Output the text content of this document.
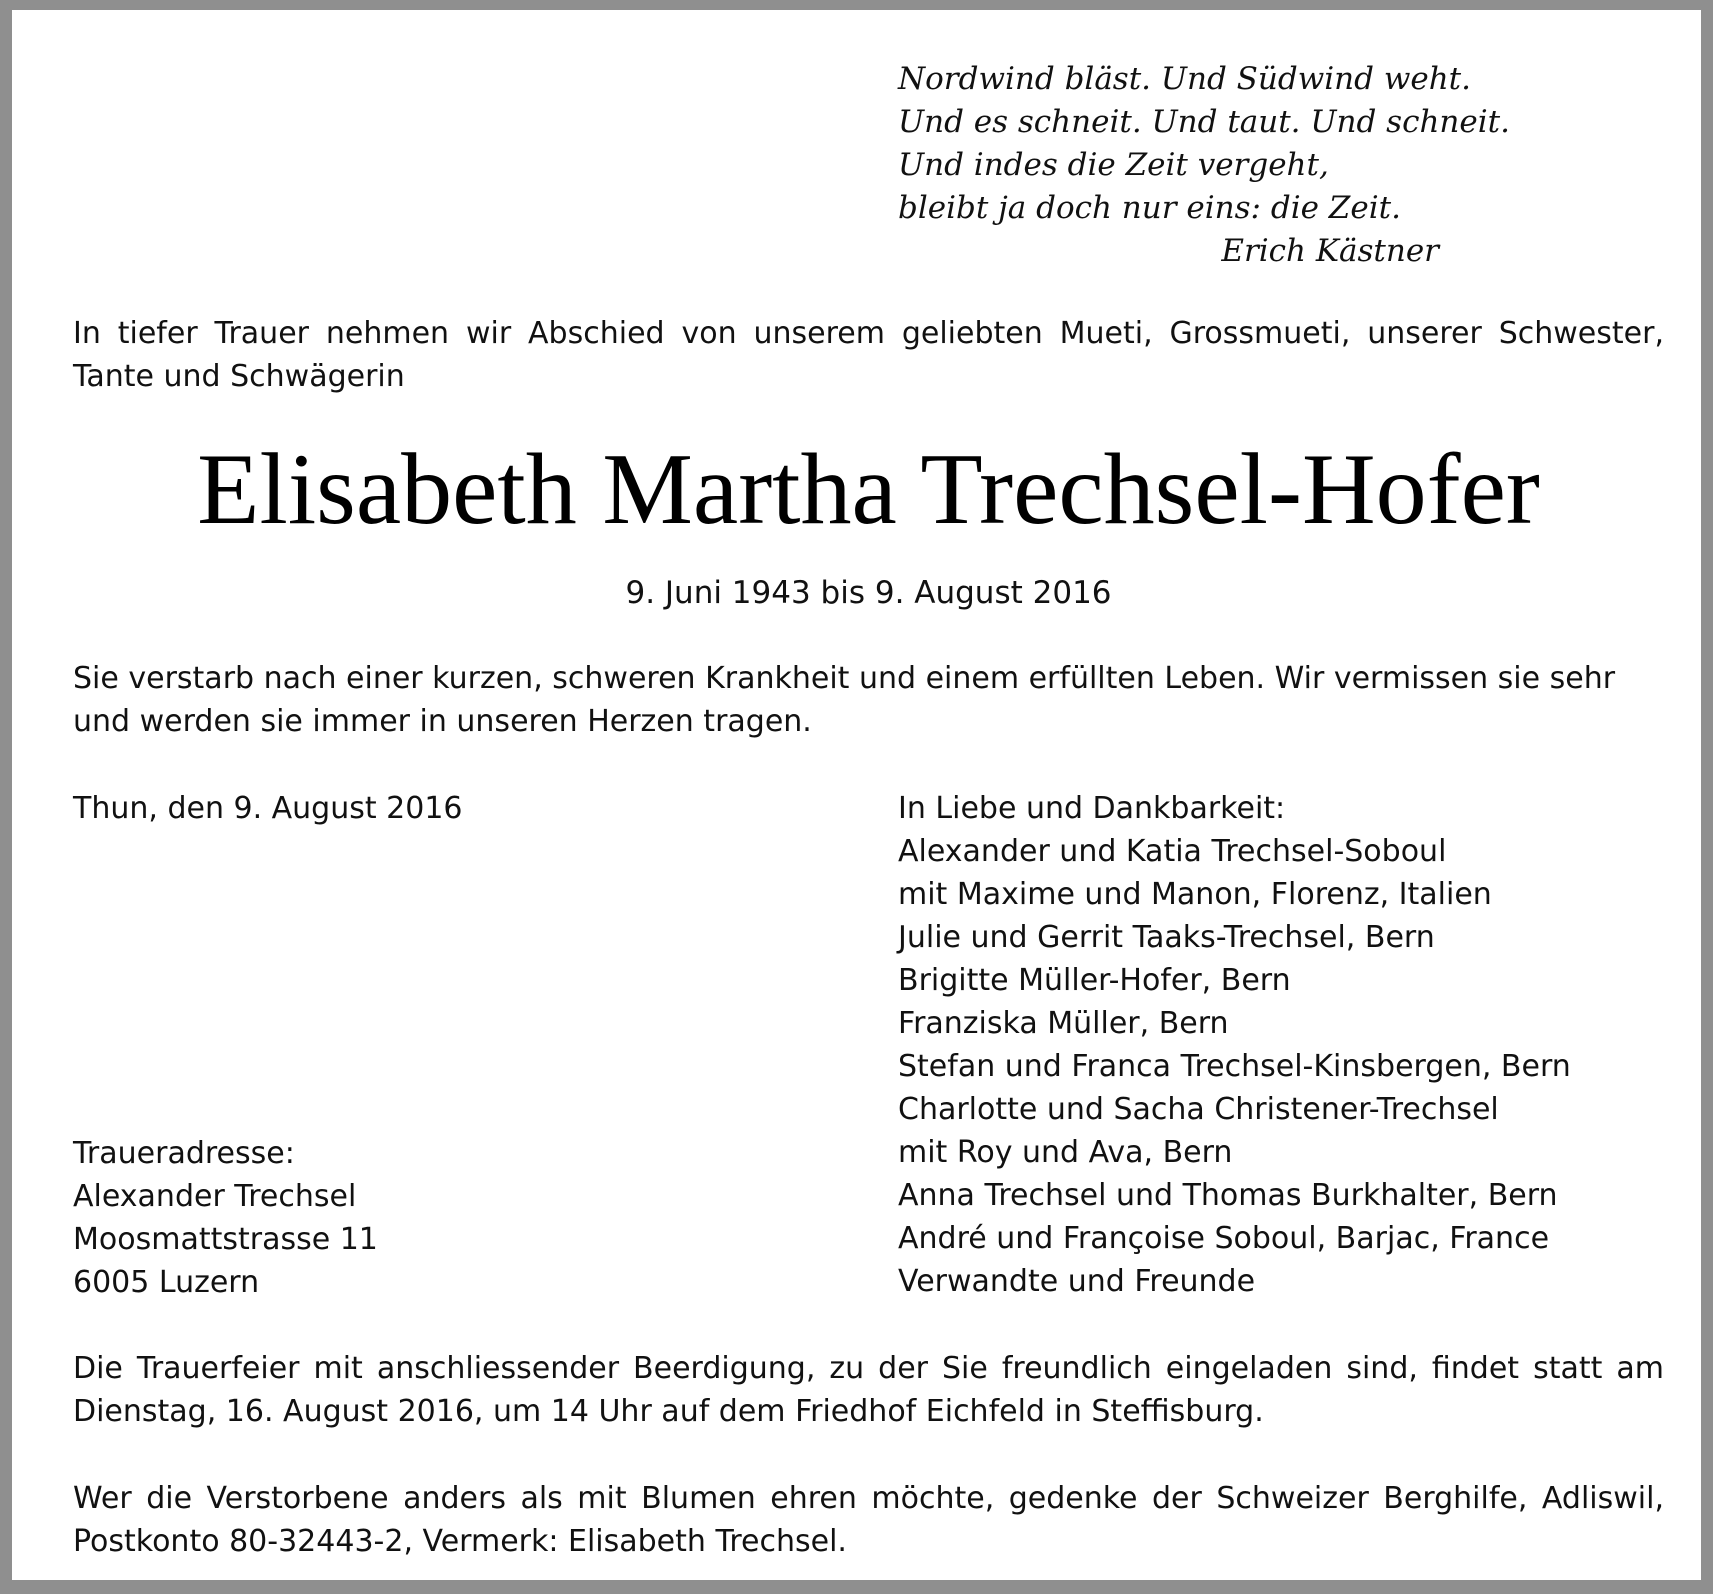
Nordwind bläst. Und Südwind weht.
Und es schneit. Und taut. Und schneit.
Und indes die Zeit vergeht,
bleibt ja doch nur eins: die Zeit.
Erich Kästner
In tiefer Trauer nehmen wir Abschied von unserem geliebten Mueti, Grossmueti, unserer Schwester, Tante und Schwägerin
Elisabeth Martha Trechsel-Hofer
9. Juni 1943 bis 9. August 2016
Sie verstarb nach einer kurzen, schweren Krankheit und einem erfüllten Leben. Wir vermissen sie sehr und werden sie immer in unseren Herzen tragen.
Thun, den 9. August 2016
Traueradresse:
Alexander Trechsel
Moosmattstrasse 11
6005 Luzern
In Liebe und Dankbarkeit:
Alexander und Katia Trechsel-Soboul
mit Maxime und Manon, Florenz, Italien
Julie und Gerrit Taaks-Trechsel, Bern
Brigitte Müller-Hofer, Bern
Franziska Müller, Bern
Stefan und Franca Trechsel-Kinsbergen, Bern
Charlotte und Sacha Christener-Trechsel
mit Roy und Ava, Bern
Anna Trechsel und Thomas Burkhalter, Bern
André und Françoise Soboul, Barjac, France
Verwandte und Freunde
Die Trauerfeier mit anschliessender Beerdigung, zu der Sie freundlich eingeladen sind, findet statt am Dienstag, 16. August 2016, um 14 Uhr auf dem Friedhof Eichfeld in Steffisburg.
Wer die Verstorbene anders als mit Blumen ehren möchte, gedenke der Schweizer Berghilfe, Adliswil, Postkonto 80-32443-2, Vermerk: Elisabeth Trechsel.
